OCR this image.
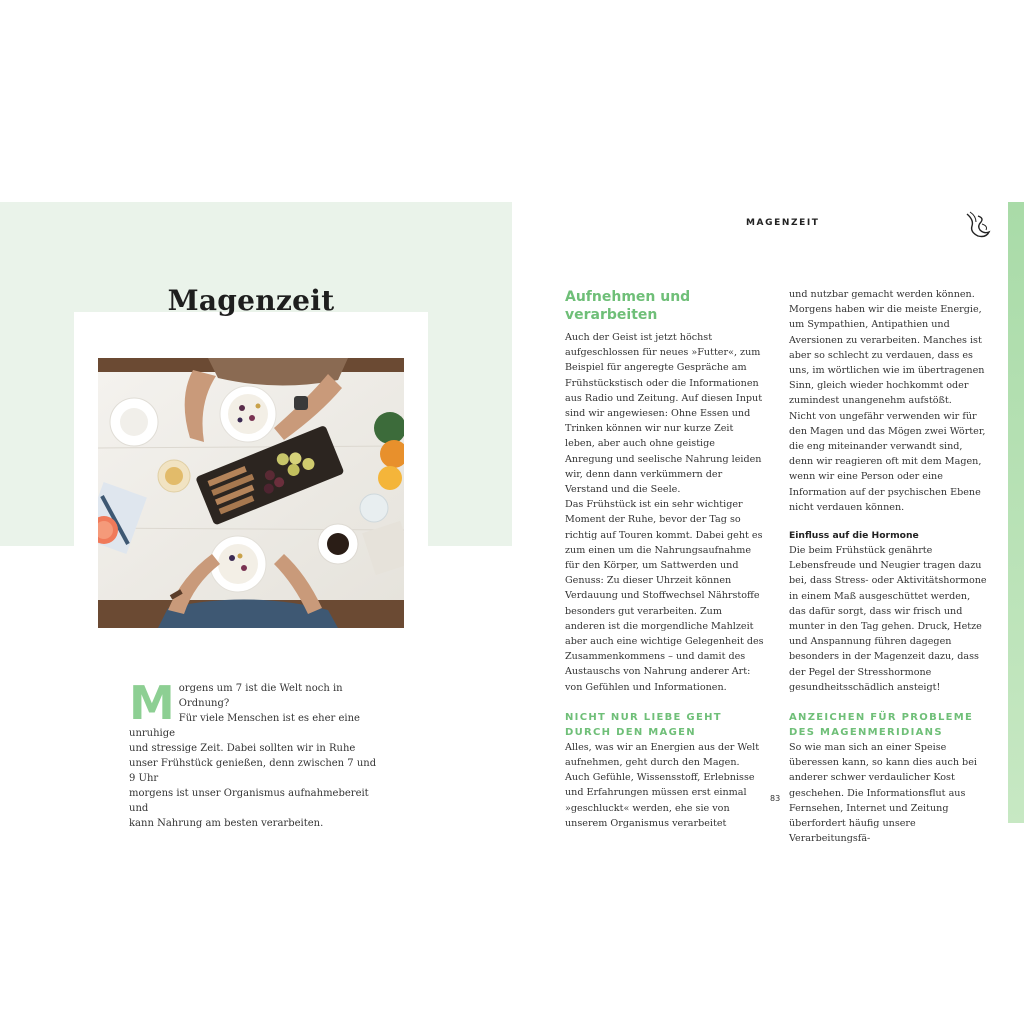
Magenzeit
M orgens um 7 ist die Welt noch in Ordnung?
Für viele Menschen ist es eher eine unruhige
und stressige Zeit. Dabei sollten wir in Ruhe
unser Frühstück genießen, denn zwischen 7 und 9 Uhr
morgens ist unser Organismus aufnahmebereit und
kann Nahrung am besten verarbeiten.
MAGENZEIT
Aufnehmen und verarbeiten

Auch der Geist ist jetzt höchst aufgeschlossen für neues »Futter«, zum Beispiel für angeregte Gespräche am Frühstückstisch oder die Informationen aus Radio und Zeitung. Auf diesen Input sind wir angewiesen: Ohne Essen und Trinken können wir nur kurze Zeit leben, aber auch ohne geistige Anregung und seelische Nahrung leiden wir, denn dann verkümmern der Verstand und die Seele.

Das Frühstück ist ein sehr wichtiger Moment der Ruhe, bevor der Tag so richtig auf Touren kommt. Dabei geht es zum einen um die Nahrungsaufnahme für den Körper, um Sattwerden und Genuss: Zu dieser Uhrzeit können Verdauung und Stoffwechsel Nährstoffe besonders gut verarbeiten. Zum anderen ist die morgendliche Mahlzeit aber auch eine wichtige Gelegenheit des Zusammenkommens – und damit des Austauschs von Nahrung anderer Art: von Gefühlen und Informationen.

NICHT NUR LIEBE GEHT DURCH DEN MAGEN

Alles, was wir an Energien aus der Welt aufnehmen, geht durch den Magen. Auch Gefühle, Wissensstoff, Erlebnisse und Erfahrungen müssen erst einmal »geschluckt« werden, ehe sie von unserem Organismus verarbeitet

und nutzbar gemacht werden können. Morgens haben wir die meiste Energie, um Sympathien, Antipathien und Aversionen zu verarbeiten. Manches ist aber so schlecht zu verdauen, dass es uns, im wörtlichen wie im übertragenen Sinn, gleich wieder hochkommt oder zumindest unangenehm aufstößt.

Nicht von ungefähr verwenden wir für den Magen und das Mögen zwei Wörter, die eng miteinander verwandt sind, denn wir reagieren oft mit dem Magen, wenn wir eine Person oder eine Information auf der psychischen Ebene nicht verdauen können.

Einfluss auf die Hormone

Die beim Frühstück genährte Lebensfreude und Neugier tragen dazu bei, dass Stress- oder Aktivitätshormone in einem Maß ausgeschüttet werden, das dafür sorgt, dass wir frisch und munter in den Tag gehen. Druck, Hetze und Anspannung führen dagegen besonders in der Magenzeit dazu, dass der Pegel der Stresshormone gesundheitsschädlich ansteigt!

ANZEICHEN FÜR PROBLEME DES MAGENMERIDIANS

So wie man sich an einer Speise überessen kann, so kann dies auch bei anderer schwer verdaulicher Kost geschehen. Die Informationsflut aus Fernsehen, Internet und Zeitung überfordert häufig unsere Verarbeitungsfä-

83
